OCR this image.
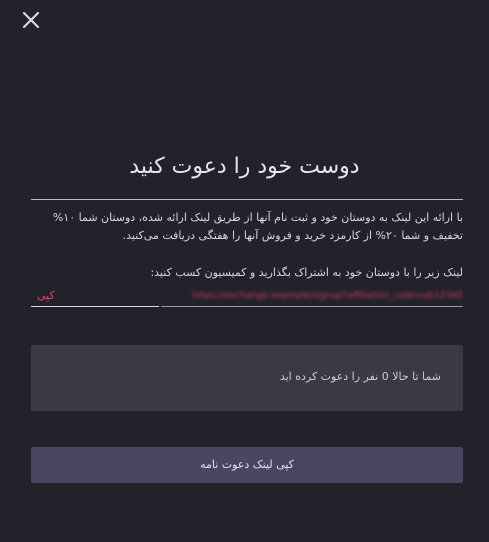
دوست خود را دعوت کنید
با ارائه این لینک به دوستان خود و ثبت نام آنها از طریق لینک ارائه شده، دوستان شما ۱۰% تخفیف و شما ۲۰% از کارمزد خرید و فروش آنها را هفتگی دریافت می‌کنید.
لینک زیر را با دوستان خود به اشتراک بگذارید و کمیسیون کسب کنید:
کپی	https://exchange.example/signup?affiliation_code=ab12345
شما تا حالا 0 نفر را دعوت کرده اید
کپی لینک دعوت نامه
